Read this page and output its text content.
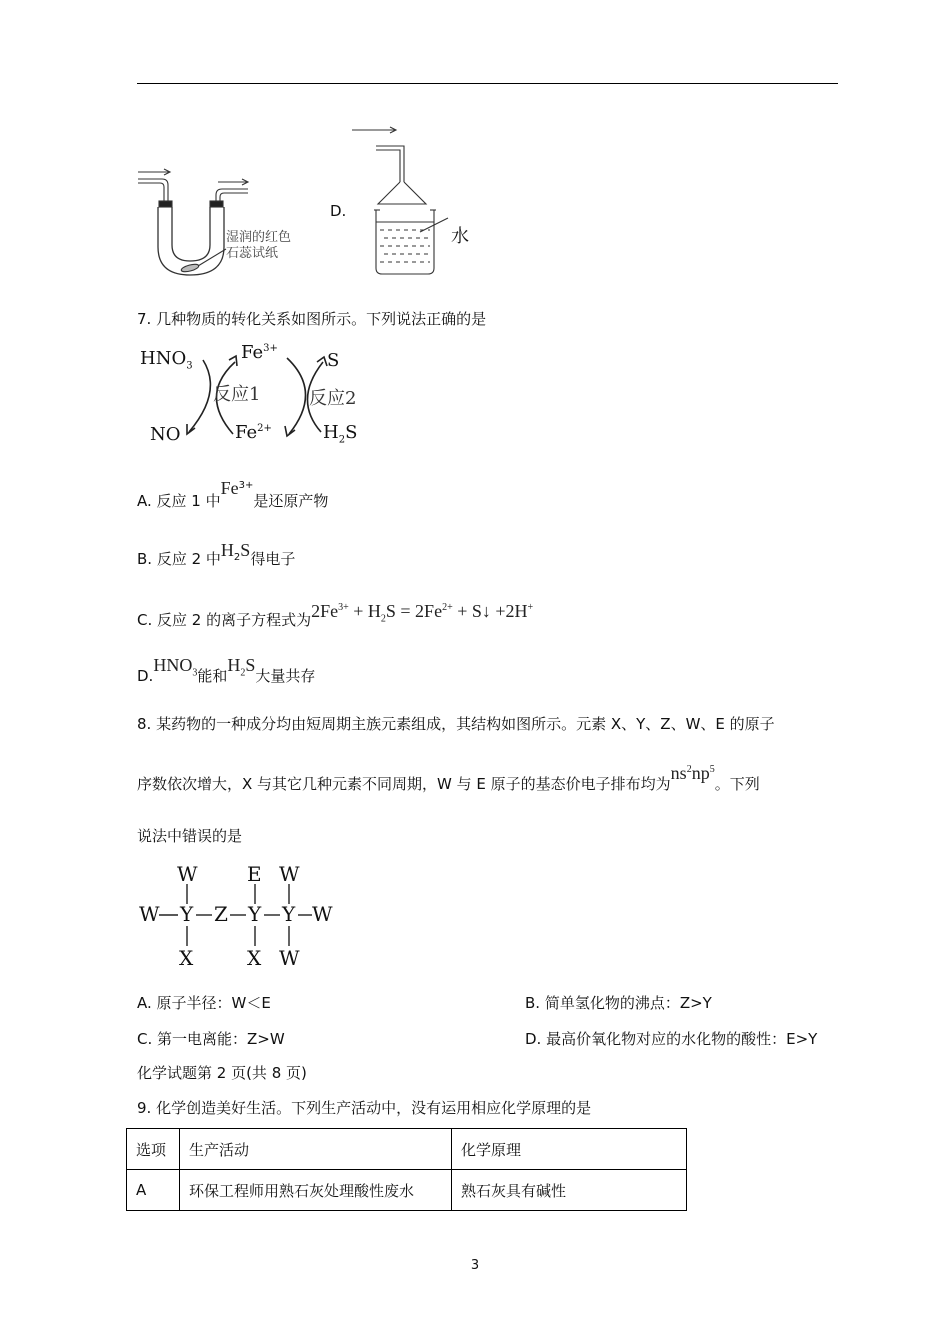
湿润的红色
石蕊试纸
D.
水
7. 几种物质的转化关系如图所示。下列说法正确的是
$HNO_3$
$Fe^{3+}$
S
反应1	反应2
NO	$Fe^{2+}$	$H_2S$
A. 反应 1 中$Fe^{3+}$是还原产物
B. 反应 2 中$H_2S$得电子
C. 反应 2 的离子方程式为$2Fe^{3+} + H_2S = 2Fe^{2+}$ + S↓ +2H+
$D.HNO_3$能和$H_2S$大量共存
8. 某药物的一种成分均由短周期主族元素组成，其结构如图所示。元素 X、Y、Z、W、E 的原子
序数依次增大，X 与其它几种元素不同周期，W 与 E 原子的基态价电子排布均为$ns^2np^5$。下列
说法中错误的是
W E W
W Y Z Y Y W
X	X W
A. 原子半径：W＜E	B. 简单氢化物的沸点：Z>Y
C. 第一电离能：Z>W	D. 最高价氧化物对应的水化物的酸性：E>Y
化学试题第 2 页(共 8 页)
9. 化学创造美好生活。下列生产活动中，没有运用相应化学原理的是
选项	生产活动	化学原理
A	环保工程师用熟石灰处理酸性废水	熟石灰具有碱性
3
